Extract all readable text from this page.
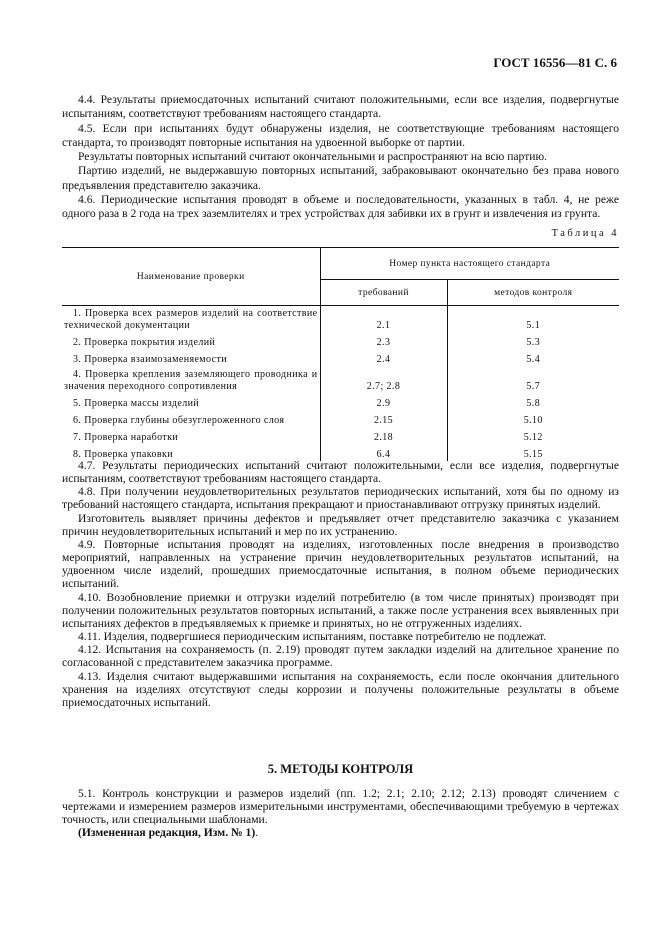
ГОСТ 16556—81 С. 6

4.4. Результаты приемосдаточных испытаний считают положительными, если все изделия, подвергнутые испытаниям, соответствуют требованиям настоящего стандарта.

4.5. Если при испытаниях будут обнаружены изделия, не соответствующие требованиям настоящего стандарта, то производят повторные испытания на удвоенной выборке от партии.

Результаты повторных испытаний считают окончательными и распространяют на всю партию.

Партию изделий, не выдержавшую повторных испытаний, забраковывают окончательно без права нового предъявления представителю заказчика.

4.6. Периодические испытания проводят в объеме и последовательности, указанных в табл. 4, не реже одного раза в 2 года на трех заземлителях и трех устройствах для забивки их в грунт и извлечения из грунта.

Таблица 4
Наименование проверки	Номер пункта настоящего стандарта	
	требований	методов контроля
1. Проверка всех размеров изделий на соответствие технической документации	2.1	5.1
2. Проверка покрытия изделий	2.3	5.3
3. Проверка взаимозаменяемости	2.4	5.4
4. Проверка крепления заземляющего проводника и значения переходного сопротивления	2.7; 2.8	5.7
5. Проверка массы изделий	2.9	5.8
6. Проверка глубины обезуглероженного слоя	2.15	5.10
7. Проверка наработки	2.18	5.12
8. Проверка упаковки	6.4	5.15

4.7. Результаты периодических испытаний считают положительными, если все изделия, подвергнутые испытаниям, соответствуют требованиям настоящего стандарта.

4.8. При получении неудовлетворительных результатов периодических испытаний, хотя бы по одному из требований настоящего стандарта, испытания прекращают и приостанавливают отгрузку принятых изделий.

Изготовитель выявляет причины дефектов и предъявляет отчет представителю заказчика с указанием причин неудовлетворительных испытаний и мер по их устранению.

4.9. Повторные испытания проводят на изделиях, изготовленных после внедрения в производство мероприятий, направленных на устранение причин неудовлетворительных результатов испытаний, на удвоенном числе изделий, прошедших приемосдаточные испытания, в полном объеме периодических испытаний.

4.10. Возобновление приемки и отгрузки изделий потребителю (в том числе принятых) производят при получении положительных результатов повторных испытаний, а также после устранения всех выявленных при испытаниях дефектов в предъявляемых к приемке и принятых, но не отгруженных изделиях.

4.11. Изделия, подвергшиеся периодическим испытаниям, поставке потребителю не подлежат.

4.12. Испытания на сохраняемость (п. 2.19) проводят путем закладки изделий на длительное хранение по согласованной с представителем заказчика программе.

4.13. Изделия считают выдержавшими испытания на сохраняемость, если после окончания длительного хранения на изделиях отсутствуют следы коррозии и получены положительные результаты в объеме приемосдаточных испытаний.

5. МЕТОДЫ КОНТРОЛЯ

5.1. Контроль конструкции и размеров изделий (пп. 1.2; 2.1; 2.10; 2.12; 2.13) проводят сличением с чертежами и измерением размеров измерительными инструментами, обеспечивающими требуемую в чертежах точность, или специальными шаблонами.

(Измененная редакция, Изм. № 1).
